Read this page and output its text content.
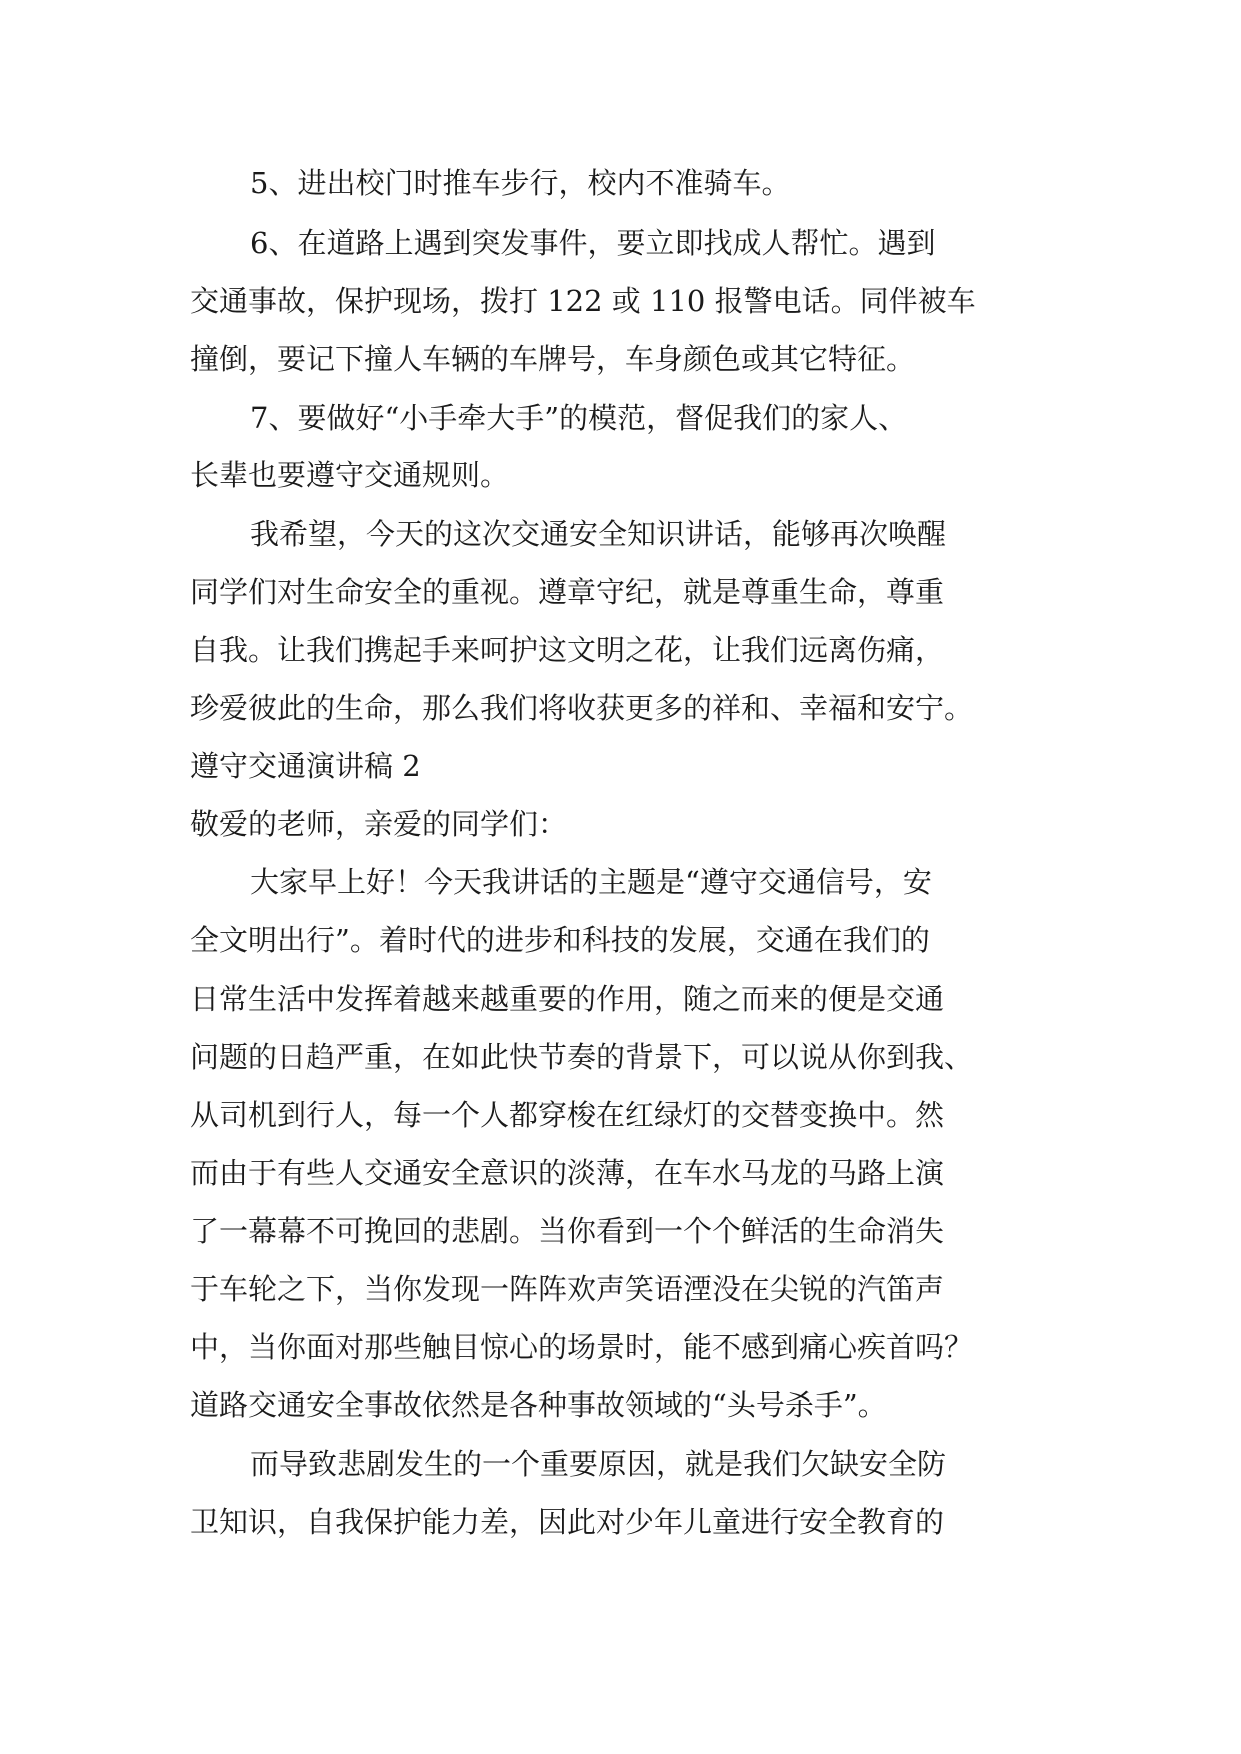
5、进出校门时推车步行，校内不准骑车。

6、在道路上遇到突发事件，要立即找成人帮忙。遇到

交通事故，保护现场，拨打 122 或 110 报警电话。同伴被车

撞倒，要记下撞人车辆的车牌号，车身颜色或其它特征。

7、要做好“小手牵大手”的模范，督促我们的家人、

长辈也要遵守交通规则。

我希望，今天的这次交通安全知识讲话，能够再次唤醒

同学们对生命安全的重视。遵章守纪，就是尊重生命，尊重

自我。让我们携起手来呵护这文明之花，让我们远离伤痛，

珍爱彼此的生命，那么我们将收获更多的祥和、幸福和安宁。

遵守交通演讲稿 2

敬爱的老师，亲爱的同学们：

大家早上好！今天我讲话的主题是“遵守交通信号，安

全文明出行”。着时代的进步和科技的发展，交通在我们的

日常生活中发挥着越来越重要的作用，随之而来的便是交通

问题的日趋严重，在如此快节奏的背景下，可以说从你到我、

从司机到行人，每一个人都穿梭在红绿灯的交替变换中。然

而由于有些人交通安全意识的淡薄，在车水马龙的马路上演

了一幕幕不可挽回的悲剧。当你看到一个个鲜活的生命消失

于车轮之下，当你发现一阵阵欢声笑语湮没在尖锐的汽笛声

中，当你面对那些触目惊心的场景时，能不感到痛心疾首吗？

道路交通安全事故依然是各种事故领域的“头号杀手”。

而导致悲剧发生的一个重要原因，就是我们欠缺安全防

卫知识，自我保护能力差，因此对少年儿童进行安全教育的
